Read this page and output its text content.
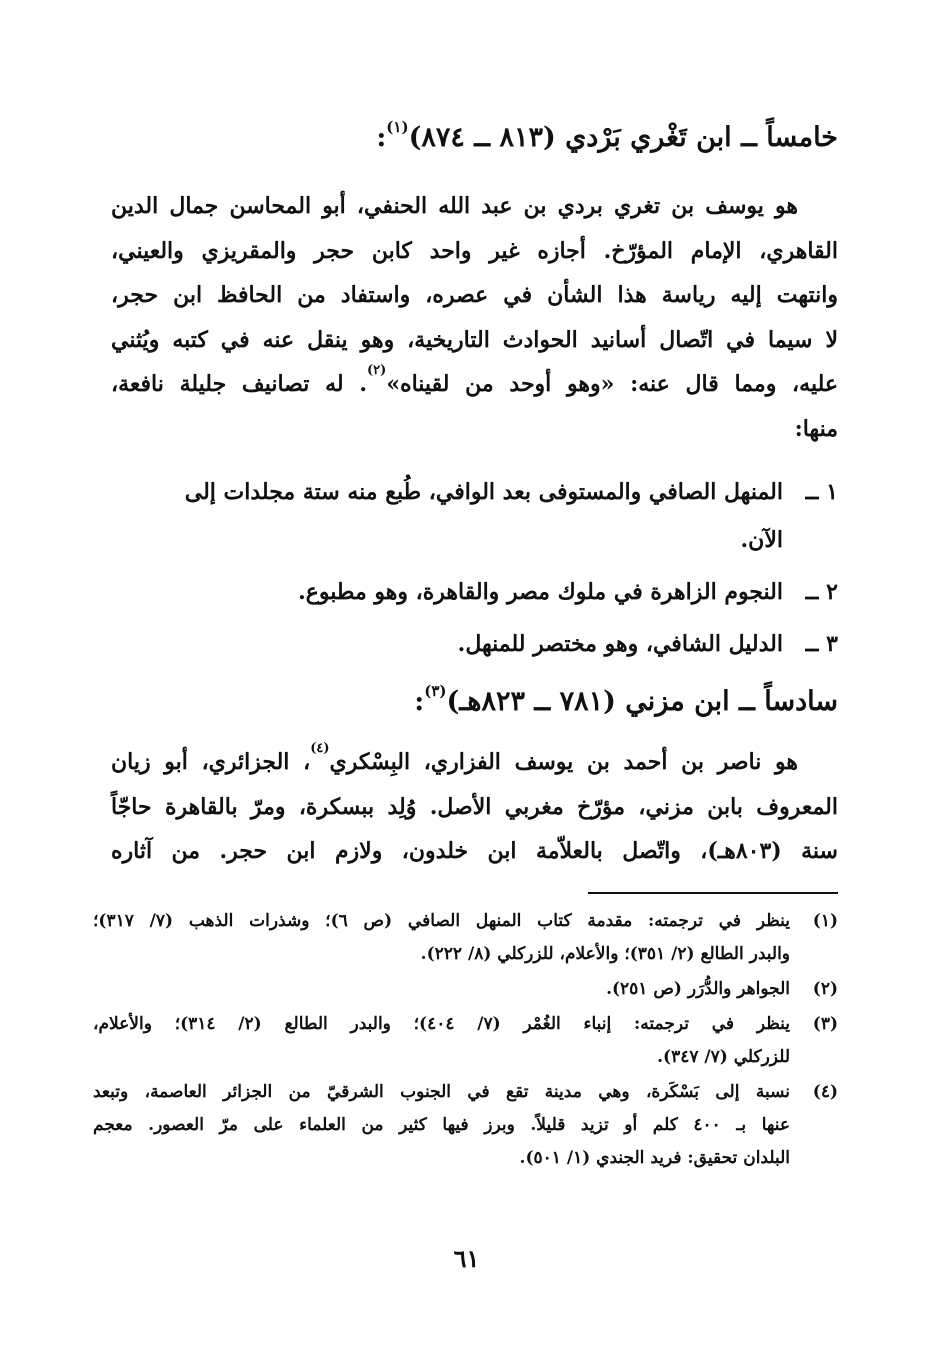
خامساً ــ ابن تَغْري بَرْدي (٨١٣ ــ ٨٧٤)$^{(١)}$:
هو يوسف بن تغري بردي بن عبد الله الحنفي، أبو المحاسن جمال الدين
القاهري، الإمام المؤرّخ. أجازه غير واحد كابن حجر والمقريزي والعيني،
وانتهت إليه رياسة هذا الشأن في عصره، واستفاد من الحافظ ابن حجر،
لا سيما في اتّصال أسانيد الحوادث التاريخية، وهو ينقل عنه في كتبه ويُثني
عليه، ومما قال عنه: «وهو أوحد من لقيناه»$^{(٢)}$. له تصانيف جليلة نافعة،
منها:
١ ــ
المنهل الصافي والمستوفى بعد الوافي، طُبع منه ستة مجلدات إلى
الآن.
٢ ــ
النجوم الزاهرة في ملوك مصر والقاهرة، وهو مطبوع.
٣ ــ
الدليل الشافي، وهو مختصر للمنهل.
سادساً ــ ابن مزني (٧٨١ ــ ٨٢٣هـ)$^{(٣)}$:
هو ناصر بن أحمد بن يوسف الفزاري، البِسْكري$^{(٤)}$، الجزائري، أبو زيان
المعروف بابن مزني، مؤرّخ مغربي الأصل. وُلِد ببسكرة، ومرّ بالقاهرة حاجّاً
سنة (٨٠٣هـ)، واتّصل بالعلاّمة ابن خلدون، ولازم ابن حجر. من آثاره
(١)
ينظر في ترجمته: مقدمة كتاب المنهل الصافي (ص ٦)؛ وشذرات الذهب (٧/ ٣١٧)؛
والبدر الطالع (٢/ ٣٥١)؛ والأعلام، للزركلي (٨/ ٢٢٢).
(٢)
الجواهر والدُّرَر (ص ٢٥١).
(٣)
ينظر في ترجمته: إنباء الغُمْر (٧/ ٤٠٤)؛ والبدر الطالع (٢/ ٣١٤)؛ والأعلام،
للزركلي (٧/ ٣٤٧).
(٤)
نسبة إلى بَسْكَرة، وهي مدينة تقع في الجنوب الشرقيّ من الجزائر العاصمة، وتبعد
عنها بـ ٤٠٠ كلم أو تزيد قليلاً. وبرز فيها كثير من العلماء على مرّ العصور. معجم
البلدان تحقيق: فريد الجندي (١/ ٥٠١).
٦١
